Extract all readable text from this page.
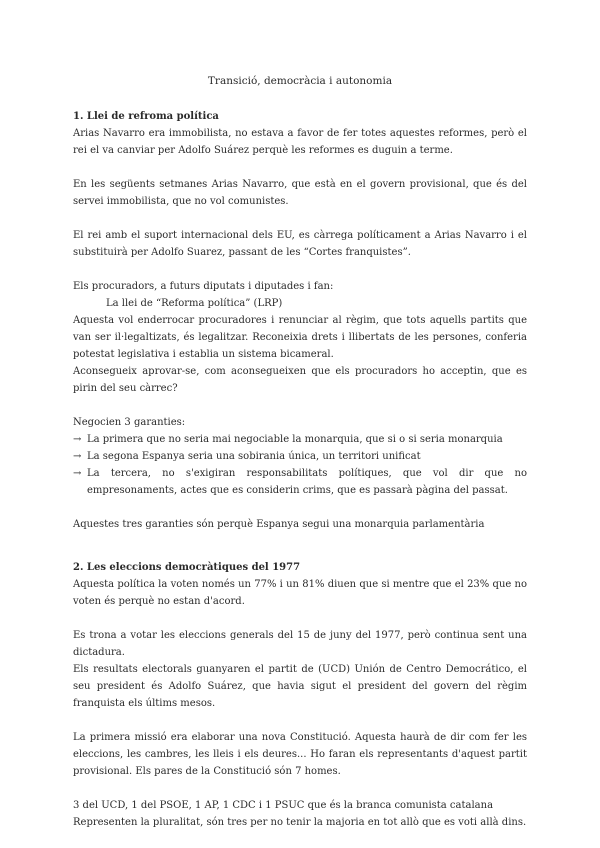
Transició, democràcia i autonomia
1. Llei de refroma política

Arias Navarro era immobilista, no estava a favor de fer totes aquestes reformes, però el rei el va canviar per Adolfo Suárez perquè les reformes es duguin a terme.

En les següents setmanes Arias Navarro, que està en el govern provisional, que és del servei immobilista, que no vol comunistes.

El rei amb el suport internacional dels EU, es càrrega políticament a Arias Navarro i el substituirà per Adolfo Suarez, passant de les “Cortes franquistes”.

Els procuradors, a futurs diputats i diputades i fan:

La llei de “Reforma política” (LRP)

Aquesta vol enderrocar procuradores i renunciar al règim, que tots aquells partits que van ser il·legaltizats, és legalitzar. Reconeixia drets i llibertats de les persones, conferia potestat legislativa i establia un sistema bicameral.

Aconsegueix aprovar-se, com aconsegueixen que els procuradors ho acceptin, que es pirin del seu càrrec?

Negocien 3 garanties:

→ La primera que no seria mai negociable la monarquia, que si o si seria monarquia
→ La segona Espanya seria una sobirania única, un territori unificat
→ La tercera, no s'exigiran responsabilitats polítiques, que vol dir que no empresonaments, actes que es considerin crims, que es passarà pàgina del passat.

Aquestes tres garanties són perquè Espanya segui una monarquia parlamentària

2. Les eleccions democràtiques del 1977

Aquesta política la voten només un 77% i un 81% diuen que si mentre que el 23% que no voten és perquè no estan d'acord.

Es trona a votar les eleccions generals del 15 de juny del 1977, però continua sent una dictadura.

Els resultats electorals guanyaren el partit de (UCD) Unión de Centro Democrático, el seu president és Adolfo Suárez, que havia sigut el president del govern del règim franquista els últims mesos.

La primera missió era elaborar una nova Constitució. Aquesta haurà de dir com fer les eleccions, les cambres, les lleis i els deures... Ho faran els representants d'aquest partit provisional. Els pares de la Constitució són 7 homes.

3 del UCD, 1 del PSOE, 1 AP, 1 CDC i 1 PSUC que és la branca comunista catalana

Representen la pluralitat, són tres per no tenir la majoria en tot allò que es voti allà dins.
